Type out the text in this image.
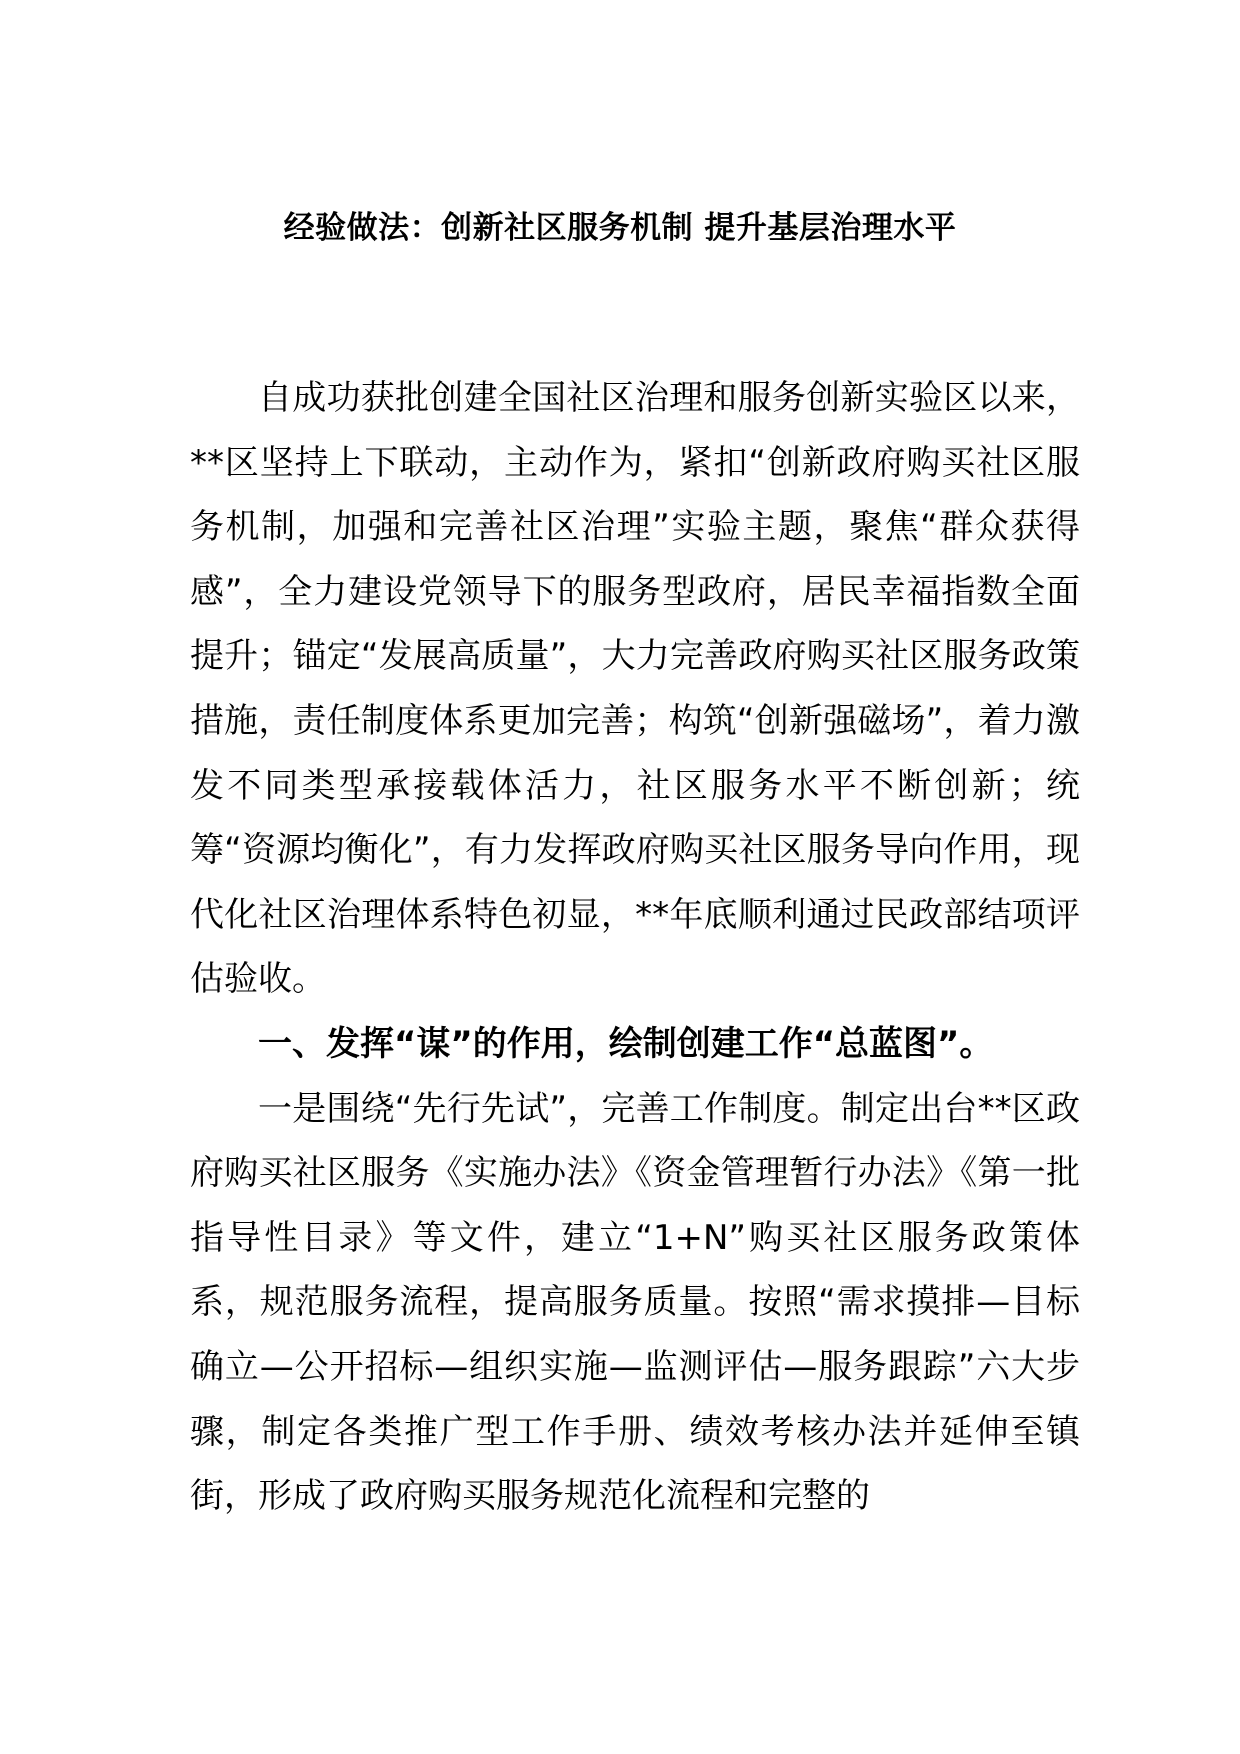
经验做法：创新社区服务机制 提升基层治理水平

自成功获批创建全国社区治理和服务创新实验区以来，**区坚持上下联动，主动作为，紧扣“创新政府购买社区服务机制，加强和完善社区治理”实验主题，聚焦“群众获得感”，全力建设党领导下的服务型政府，居民幸福指数全面提升；锚定“发展高质量”，大力完善政府购买社区服务政策措施，责任制度体系更加完善；构筑“创新强磁场”，着力激发不同类型承接载体活力，社区服务水平不断创新；统筹“资源均衡化”，有力发挥政府购买社区服务导向作用，现代化社区治理体系特色初显，**年底顺利通过民政部结项评估验收。

一、发挥“谋”的作用，绘制创建工作“总蓝图”。

一是围绕“先行先试”，完善工作制度。制定出台**区政府购买社区服务《实施办法》《资金管理暂行办法》《第一批指导性目录》等文件，建立“1+N”购买社区服务政策体系，规范服务流程，提高服务质量。按照“需求摸排—目标确立—公开招标—组织实施—监测评估—服务跟踪”六大步骤，制定各类推广型工作手册、绩效考核办法并延伸至镇街，形成了政府购买服务规范化流程和完整的
